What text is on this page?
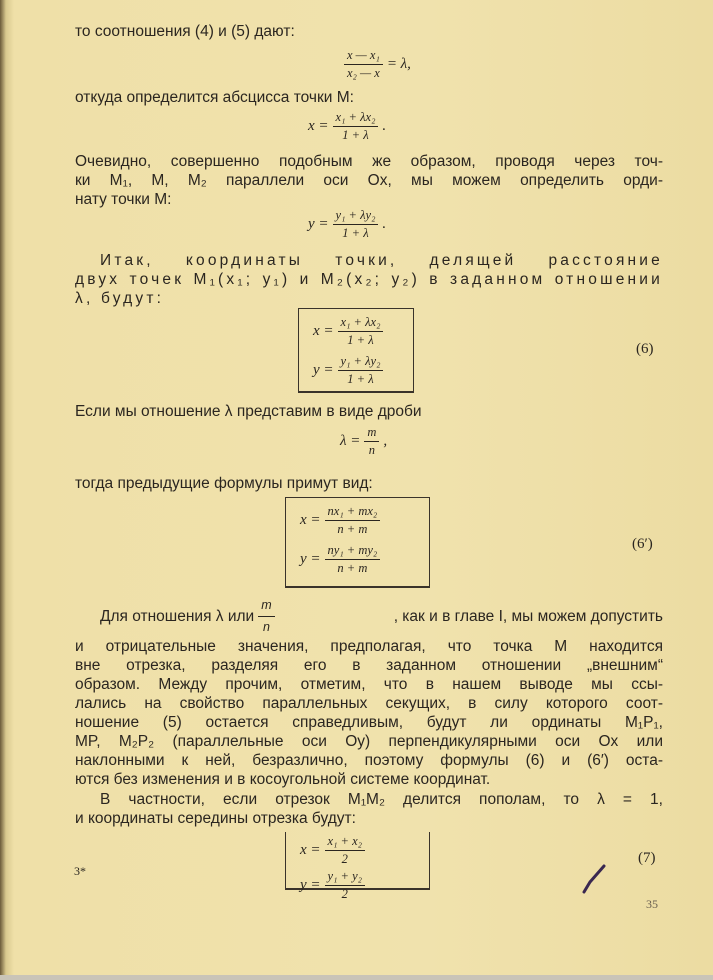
то соотношения (4) и (5) дают:
$\frac{\text{x — x₁}}{\text{x₂ — x}} = \lambda$,
откуда определится абсцисса точки M:
$x = \frac{\text{x₁ + λx₂}}{1 + \lambda}$ .
Очевидно, совершенно подобным же образом, проводя через точ-
ки M₁, M, M₂ параллели оси Ox, мы можем определить орди-
нату точки M:
$y = \frac{\text{y₁ + λy₂}}{1 + \lambda}$ .
Итак, координаты точки, делящей расстояние
двух точек M₁(x₁; y₁) и M₂(x₂; y₂) в заданном отношении
λ, будут:
$x = \frac{\text{x₁ + λx₂}}{1 + \lambda}$
$y = \frac{\text{y₁ + λy₂}}{1 + \lambda}$
(6)
Если мы отношение λ представим в виде дроби
$\lambda = \frac{m}{n}$ ,
тогда предыдущие формулы примут вид:
$x = \frac{\text{nx₁ + mx₂}}{n + m}$
$y = \frac{\text{ny₁ + my₂}}{n + m}$	(6′)
Для отношения λ или $\frac{m}{n}$	, как и в главе I, мы можем допустить
и отрицательные значения, предполагая, что точка M находится
вне отрезка, разделяя его в заданном отношении „внешним“
образом. Между прочим, отметим, что в нашем выводе мы ссы-
лались на свойство параллельных секущих, в силу которого соот-
ношение (5) остается справедливым, будут ли ординаты M₁P₁,
MP, M₂P₂ (параллельные оси Oy) перпендикулярными оси Ox или
наклонными к ней, безразлично, поэтому формулы (6) и (6′) оста-
ются без изменения и в косоугольной системе координат.
В частности, если отрезок M₁M₂ делится пополам, то λ = 1,
и координаты середины отрезка будут:
$x = \frac{\text{x₁ + x₂}}{2}$
$y = \frac{\text{y₁ + y₂}}{2}$
(7)
3*
35
